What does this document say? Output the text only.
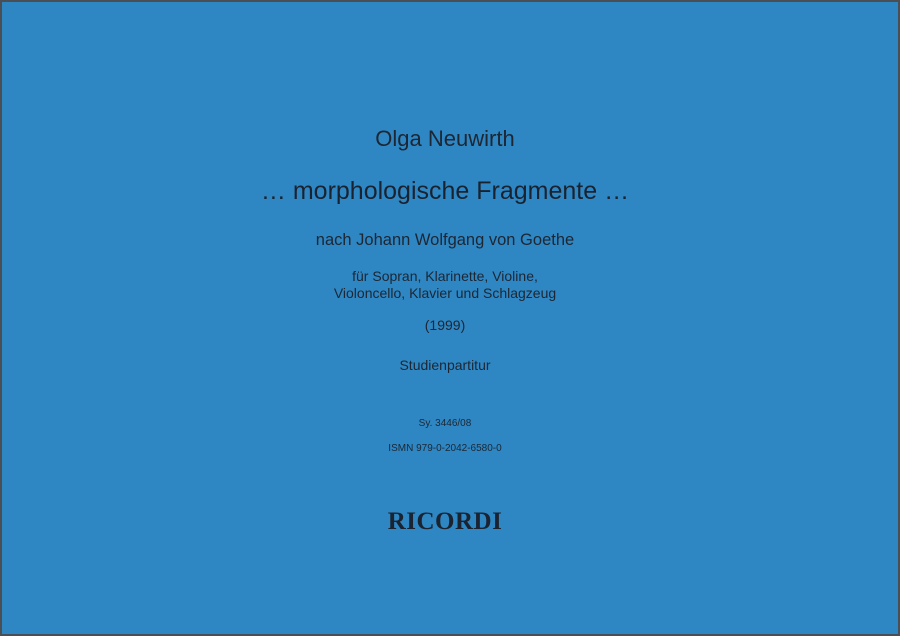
Olga Neuwirth
… morphologische Fragmente …
nach Johann Wolfgang von Goethe
für Sopran, Klarinette, Violine,
Violoncello, Klavier und Schlagzeug
(1999)
Studienpartitur
Sy. 3446/08
ISMN 979-0-2042-6580-0
RICORDI
